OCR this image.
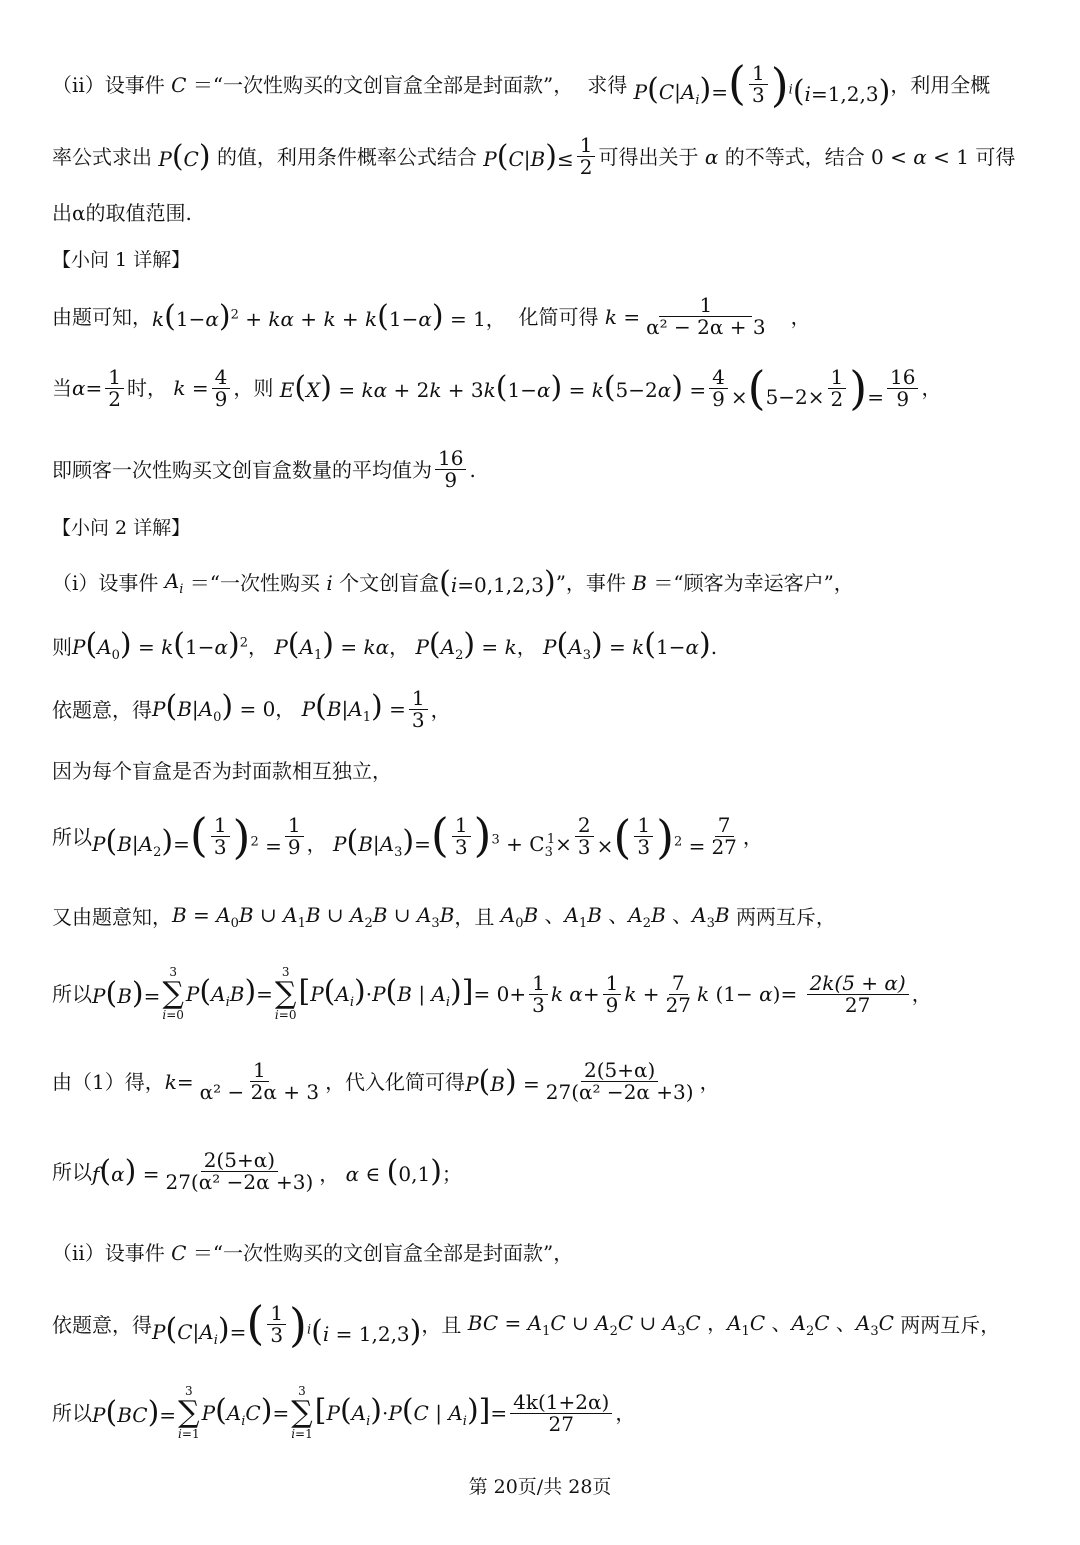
（ii）设事件 C ＝“一次性购买的文创盲盒全部是封面款”， 求得 $P(C|A_i)=( \frac{1}{3} )^i(i=1,2,3)$ ，利用全概
率公式求出 P(C) 的值，利用条件概率公式结合 $P(C|B)\le \frac{1}{2}$ 可得出关于 α 的不等式，结合 0 < α < 1 可得
出α的取值范围.
【小问 1 详解】
由题可知， $k(1-\alpha)^2 + k\alpha + k + k(1-\alpha) = 1$， 化简可得 $k = \frac{1}{\text{α² − 2α + 3}}$ ，
当 $\alpha = \frac{1}{2}$ 时， $k = \frac{4}{9}$ ，则 $E(X) = k\alpha + 2k + 3k(1-\alpha) = k(5-2\alpha) = \frac{4}{9} \times(5-2\times \frac{1}{2}$ )= $\frac{16}{9}$ ，
即顾客一次性购买文创盲盒数量的平均值为 $\frac{16}{9}$ .
【小问 2 详解】
（i）设事件 $A_i$ ＝“一次性购买 i 个文创盲盒 (i=0,1,2,3) ”，事件 B ＝“顾客为幸运客户”，
则 $P(A_0) = k(1-\alpha)^2$， $P(A_1) = k\alpha$， $P(A_2) = k$， $P(A_3) = k(1-\alpha)$.
依题意，得 $P(B|A_0) = 0$， $P(B|A_1) = \frac{1}{3}$ ，
因为每个盲盒是否为封面款相互独立，
所以 $P(B|A_2)=( \frac{1}{3} )^2 = \frac{1}{9}$ ， $P(B|A_3)=( \frac{1}{3} )^3 + C_3^1\times \frac{2}{3}$ ×( $\frac{1}{3} )^2 = \frac{7}{27}$ ，
又由题意知， $B = A_0B$ ∪ $A_1B$ ∪ $A_2B$ ∪ $A_3B$ ，且 $A_0B$ 、$A_1B$ 、$A_2B$ 、$A_3B$ 两两互斥，
所以 P(B)=
3
∑
i=0
$P(A_iB)=$
3
∑
i=0
[$P(A_i)\cdot P(B$ | $A_i)]= 0+ \frac{1}{3}$ k $\alpha+ \frac{1}{9}$ $k + \frac{7}{27}$ k $(1- \alpha)= \frac{2k(5 + \alpha)}{27}$ ，
由（1）得， $k = \frac{1}{\text{α² − 2α + 3}}$ ，代入化简可得 $P(B) = \frac{2(5+\alpha)}{\text{27(α² −2α +3)}}$ ，
所以 $f(\alpha) = \frac{2(5+\alpha)}{\text{27(α² −2α +3)}}$ ， α ∈ (0,1)；
（ii）设事件 C ＝“一次性购买的文创盲盒全部是封面款”，
依题意，得 $P(C|A_i)=( \frac{1}{3} )^i(i = 1,2,3)$ ，且 BC = $A_1C$ ∪ $A_2C$ ∪ $A_3C$ ，$A_1C$ 、$A_2C$ 、$A_3C$ 两两互斥，
所以 P(BC)=
3
∑
i=1
$P(A_iC)=$
3
∑
i=1
[$P(A_i)\cdot P(C$ | $A_i)]= \frac{4k(1+2\alpha)}{27}$ ，
第 20页/共 28页
